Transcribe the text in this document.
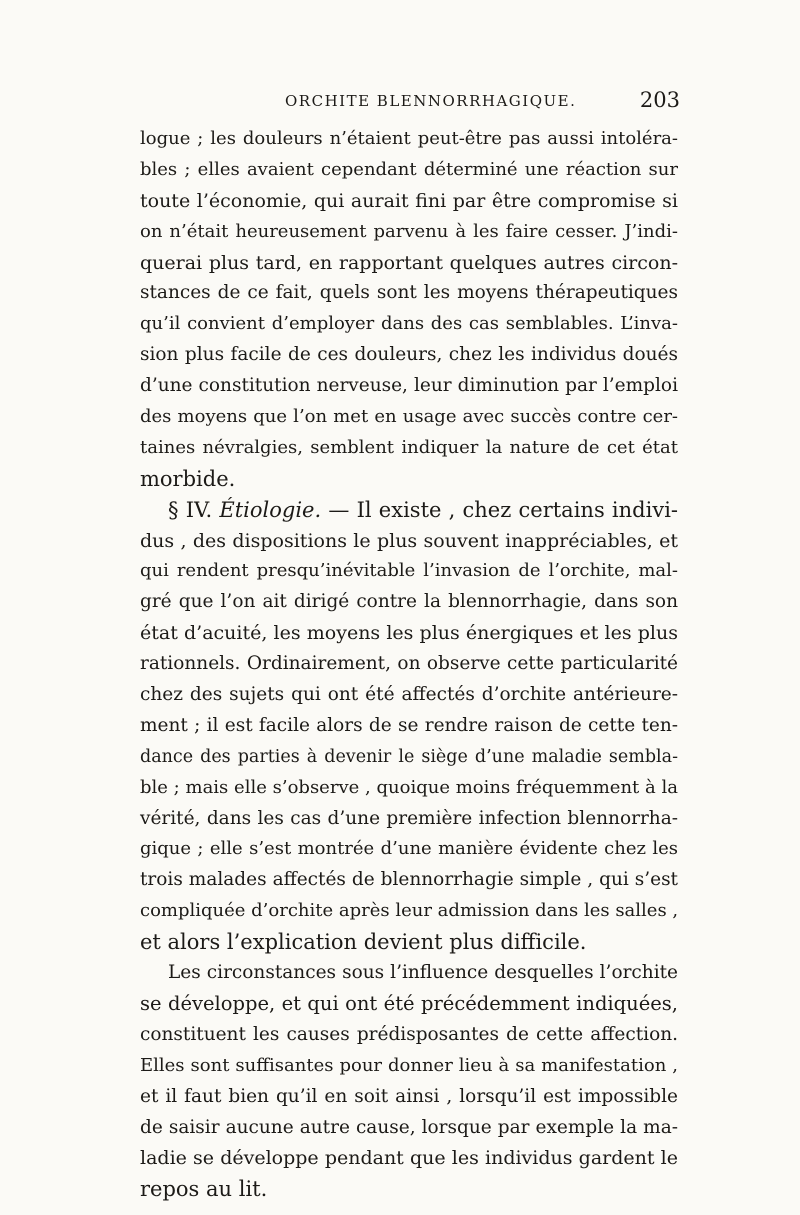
ORCHITE BLENNORRHAGIQUE.	203
logue ; les douleurs n’étaient peut-être pas aussi intoléra-
bles ; elles avaient cependant déterminé une réaction sur
toute l’économie, qui aurait fini par être compromise si
on n’était heureusement parvenu à les faire cesser. J’indi-
querai plus tard, en rapportant quelques autres circon-
stances de ce fait, quels sont les moyens thérapeutiques
qu’il convient d’employer dans des cas semblables. L’inva-
sion plus facile de ces douleurs, chez les individus doués
d’une constitution nerveuse, leur diminution par l’emploi
des moyens que l’on met en usage avec succès contre cer-
taines névralgies, semblent indiquer la nature de cet état
morbide.
§ IV. Étiologie. — Il existe , chez certains indivi-
dus , des dispositions le plus souvent inappréciables, et
qui rendent presqu’inévitable l’invasion de l’orchite, mal-
gré que l’on ait dirigé contre la blennorrhagie, dans son
état d’acuité, les moyens les plus énergiques et les plus
rationnels. Ordinairement, on observe cette particularité
chez des sujets qui ont été affectés d’orchite antérieure-
ment ; il est facile alors de se rendre raison de cette ten-
dance des parties à devenir le siège d’une maladie sembla-
ble ; mais elle s’observe , quoique moins fréquemment à la
vérité, dans les cas d’une première infection blennorrha-
gique ; elle s’est montrée d’une manière évidente chez les
trois malades affectés de blennorrhagie simple , qui s’est
compliquée d’orchite après leur admission dans les salles ,
et alors l’explication devient plus difficile.
Les circonstances sous l’influence desquelles l’orchite
se développe, et qui ont été précédemment indiquées,
constituent les causes prédisposantes de cette affection.
Elles sont suffisantes pour donner lieu à sa manifestation ,
et il faut bien qu’il en soit ainsi , lorsqu’il est impossible
de saisir aucune autre cause, lorsque par exemple la ma-
ladie se développe pendant que les individus gardent le
repos au lit.
